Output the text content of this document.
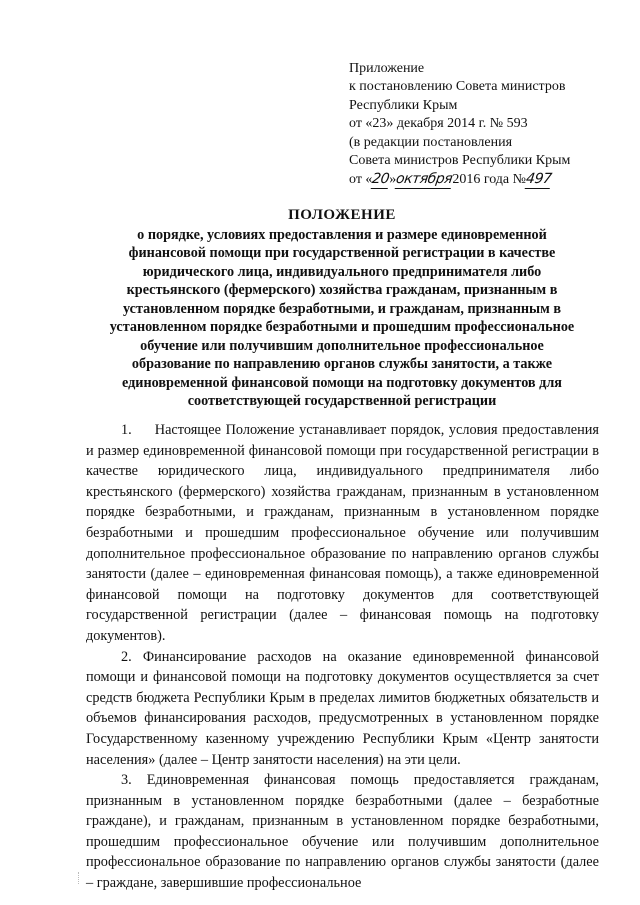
Приложение
к постановлению Совета министров
Республики Крым
от «23» декабря 2014 г. № 593
(в редакции постановления
Совета министров Республики Крым
от «20»октября2016 года №497
ПОЛОЖЕНИЕ
о порядке, условиях предоставления и размере единовременной
финансовой помощи при государственной регистрации в качестве
юридического лица, индивидуального предпринимателя либо
крестьянского (фермерского) хозяйства гражданам, признанным в
установленном порядке безработными, и гражданам, признанным в
установленном порядке безработными и прошедшим профессиональное
обучение или получившим дополнительное профессиональное
образование по направлению органов службы занятости, а также
единовременной финансовой помощи на подготовку документов для
соответствующей государственной регистрации

1.     Настоящее Положение устанавливает порядок, условия предоставления и размер единовременной финансовой помощи при государственной регистрации в качестве юридического лица, индивидуального предпринимателя либо крестьянского (фермерского) хозяйства гражданам, признанным в установленном порядке безработными, и гражданам, признанным в установленном порядке безработными и прошедшим профессиональное обучение или получившим дополнительное профессиональное образование по направлению органов службы занятости (далее – единовременная финансовая помощь), а также единовременной финансовой помощи на подготовку документов для соответствующей государственной регистрации (далее – финансовая помощь на подготовку документов).

2. Финансирование расходов на оказание единовременной финансовой помощи и финансовой помощи на подготовку документов осуществляется за счет средств бюджета Республики Крым в пределах лимитов бюджетных обязательств и объемов финансирования расходов, предусмотренных в установленном порядке Государственному казенному учреждению Республики Крым «Центр занятости населения» (далее – Центр занятости населения) на эти цели.

3. Единовременная финансовая помощь предоставляется гражданам, признанным в установленном порядке безработными (далее – безработные граждане), и гражданам, признанным в установленном порядке безработными, прошедшим профессиональное обучение или получившим дополнительное профессиональное образование по направлению органов службы занятости (далее – граждане, завершившие профессиональное
